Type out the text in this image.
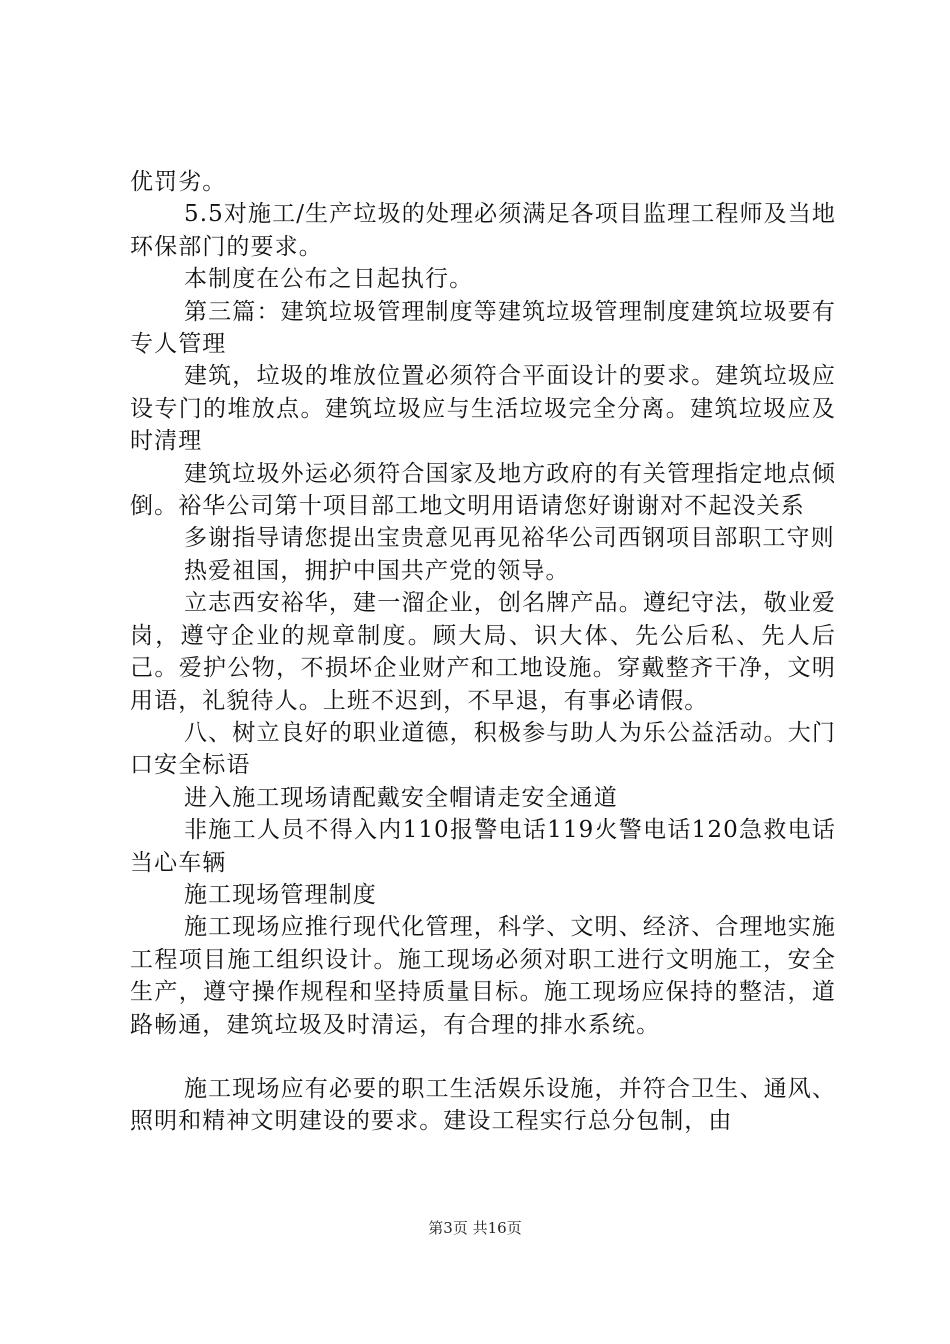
优罚劣。

5.5对施工/生产垃圾的处理必须满足各项目监理工程师及当地环保部门的要求。

本制度在公布之日起执行。

第三篇：建筑垃圾管理制度等建筑垃圾管理制度建筑垃圾要有专人管理

建筑，垃圾的堆放位置必须符合平面设计的要求。建筑垃圾应设专门的堆放点。建筑垃圾应与生活垃圾完全分离。建筑垃圾应及时清理

建筑垃圾外运必须符合国家及地方政府的有关管理指定地点倾倒。裕华公司第十项目部工地文明用语请您好谢谢对不起没关系

多谢指导请您提出宝贵意见再见裕华公司西钢项目部职工守则

热爱祖国，拥护中国共产党的领导。

立志西安裕华，建一溜企业，创名牌产品。遵纪守法，敬业爱岗，遵守企业的规章制度。顾大局、识大体、先公后私、先人后己。爱护公物，不损坏企业财产和工地设施。穿戴整齐干净，文明用语，礼貌待人。上班不迟到，不早退，有事必请假。

八、树立良好的职业道德，积极参与助人为乐公益活动。大门口安全标语

进入施工现场请配戴安全帽请走安全通道

非施工人员不得入内110报警电话119火警电话120急救电话当心车辆

施工现场管理制度

施工现场应推行现代化管理，科学、文明、经济、合理地实施工程项目施工组织设计。施工现场必须对职工进行文明施工，安全生产，遵守操作规程和坚持质量目标。施工现场应保持的整洁，道路畅通，建筑垃圾及时清运，有合理的排水系统。

施工现场应有必要的职工生活娱乐设施，并符合卫生、通风、照明和精神文明建设的要求。建设工程实行总分包制，由

第3页 共16页
